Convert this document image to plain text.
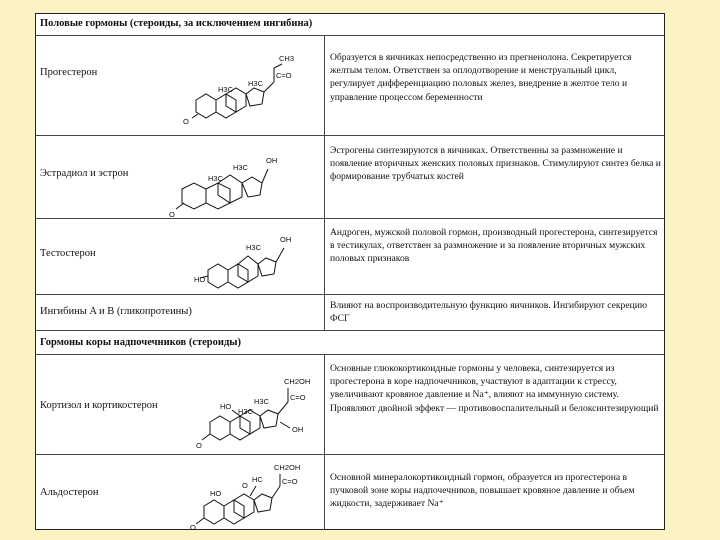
Половые гормоны (стероиды, за исключением ингибина)
Прогестерон
Образуется в яичниках непосредственно из прегненолона. Секретируется желтым телом. Ответствен за оплодотворение и менструальный цикл, регулирует дифференциацию половых желез, внедрение в желтое тело и управление процессом беременности
CH3
C=O
H3C
H3C
O
Эстрадиол и эстрон
Эстрогены синтезируются в яичниках. Ответственны за размножение и появление вторичных женских половых признаков. Стимулируют синтез белка и формирование трубчатых костей
H3C
OH
H3C
O
Тестостерон
Андроген, мужской половой гормон, производный прогестерона, синтезируется в тестикулах, ответствен за размножение и за появление вторичных мужских половых признаков
H3C
OH
HO
Ингибины A и B (гликопротеины)
Влияют на воспроизводительную функцию яичников. Ингибируют секрецию ФСГ
Гормоны коры надпочечников (стероиды)
Кортизол и кортикостерон
Основные глюкокортикоидные гормоны у человека, синтезируется из прогестерона в коре надпочечников, участвуют в адаптации к стрессу, увеличивают кровяное давление и Na⁺, влияют на иммунную систему. Проявляют двойной эффект — противовоспалительный и белоксинтезирующий
CH2OH
C=O
HO
H3C
OH
H3C
O
Альдостерон
Основной минералокортикоидный гормон, образуется из прогестерона в пучковой зоне коры надпочечников, повышает кровяное давление и объем жидкости, задерживает Na⁺
CH2OH
C=O
HO
HC
O
O
